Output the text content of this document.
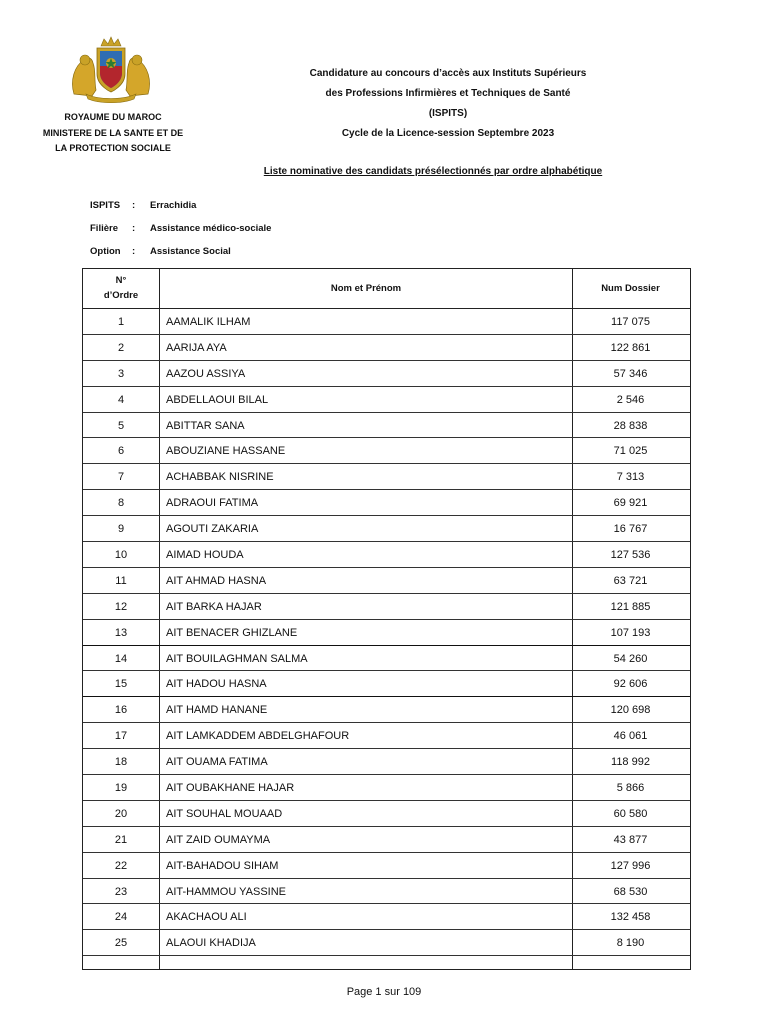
ROYAUME DU MAROC
MINISTERE DE LA SANTE ET DE
LA PROTECTION SOCIALE
Candidature au concours d’accès aux Instituts Supérieurs
des Professions Infirmières et Techniques de Santé
(ISPITS)
Cycle de la Licence-session Septembre 2023
Liste nominative des candidats présélectionnés par ordre alphabétique
ISPITS	:	Errachidia
Filière	:	Assistance médico-sociale
Option	:	Assistance Social
N°
d’Ordre
Nom et Prénom	Num Dossier
1	AAMALIK ILHAM	117 075
2	AARIJA AYA	122 861
3	AAZOU ASSIYA	57 346
4	ABDELLAOUI BILAL	2 546
5	ABITTAR SANA	28 838
6	ABOUZIANE HASSANE	71 025
7	ACHABBAK NISRINE	7 313
8	ADRAOUI FATIMA	69 921
9	AGOUTI ZAKARIA	16 767
10	AIMAD HOUDA	127 536
11	AIT AHMAD HASNA	63 721
12	AIT BARKA HAJAR	121 885
13	AIT BENACER GHIZLANE	107 193
14	AIT BOUILAGHMAN SALMA	54 260
15	AIT HADOU HASNA	92 606
16	AIT HAMD HANANE	120 698
17	AIT LAMKADDEM ABDELGHAFOUR	46 061
18	AIT OUAMA FATIMA	118 992
19	AIT OUBAKHANE HAJAR	5 866
20	AIT SOUHAL MOUAAD	60 580
21	AIT ZAID OUMAYMA	43 877
22	AIT-BAHADOU SIHAM	127 996
23	AIT-HAMMOU YASSINE	68 530
24	AKACHAOU ALI	132 458
25	ALAOUI KHADIJA	8 190
Page 1 sur 109
